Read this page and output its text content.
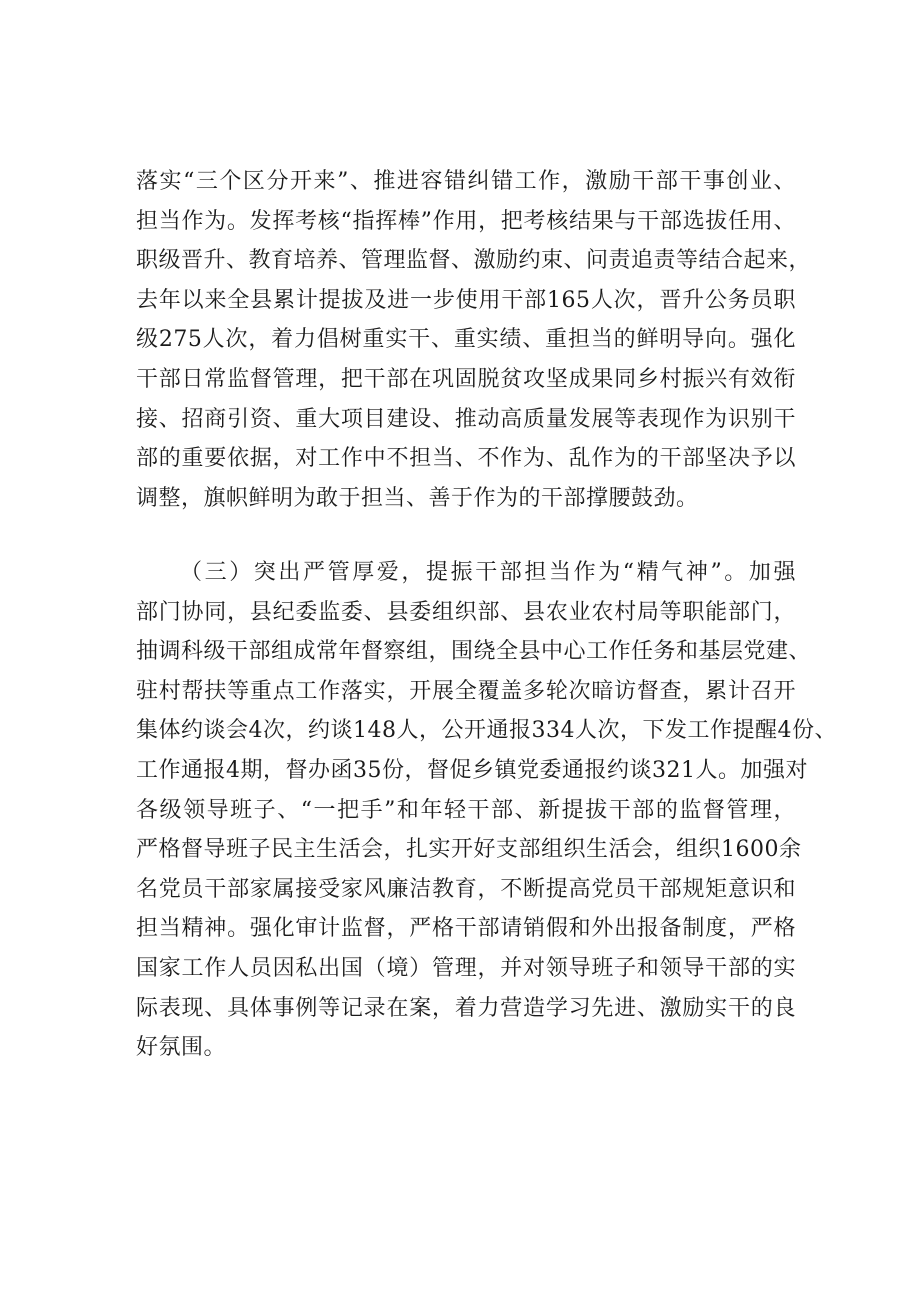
落实“三个区分开来”、推进容错纠错工作，激励干部干事创业、
担当作为。发挥考核“指挥棒”作用，把考核结果与干部选拔任用、
职级晋升、教育培养、管理监督、激励约束、问责追责等结合起来，
去年以来全县累计提拔及进一步使用干部165人次，晋升公务员职
级275人次，着力倡树重实干、重实绩、重担当的鲜明导向。强化
干部日常监督管理，把干部在巩固脱贫攻坚成果同乡村振兴有效衔
接、招商引资、重大项目建设、推动高质量发展等表现作为识别干
部的重要依据，对工作中不担当、不作为、乱作为的干部坚决予以
调整，旗帜鲜明为敢于担当、善于作为的干部撑腰鼓劲。
（三）突出严管厚爱，提振干部担当作为“精气神”。加强
部门协同，县纪委监委、县委组织部、县农业农村局等职能部门，
抽调科级干部组成常年督察组，围绕全县中心工作任务和基层党建、
驻村帮扶等重点工作落实，开展全覆盖多轮次暗访督查，累计召开
集体约谈会4次，约谈148人，公开通报334人次，下发工作提醒4份、
工作通报4期，督办函35份，督促乡镇党委通报约谈321人。加强对
各级领导班子、“一把手”和年轻干部、新提拔干部的监督管理，
严格督导班子民主生活会，扎实开好支部组织生活会，组织1600余
名党员干部家属接受家风廉洁教育，不断提高党员干部规矩意识和
担当精神。强化审计监督，严格干部请销假和外出报备制度，严格
国家工作人员因私出国（境）管理，并对领导班子和领导干部的实
际表现、具体事例等记录在案，着力营造学习先进、激励实干的良
好氛围。
